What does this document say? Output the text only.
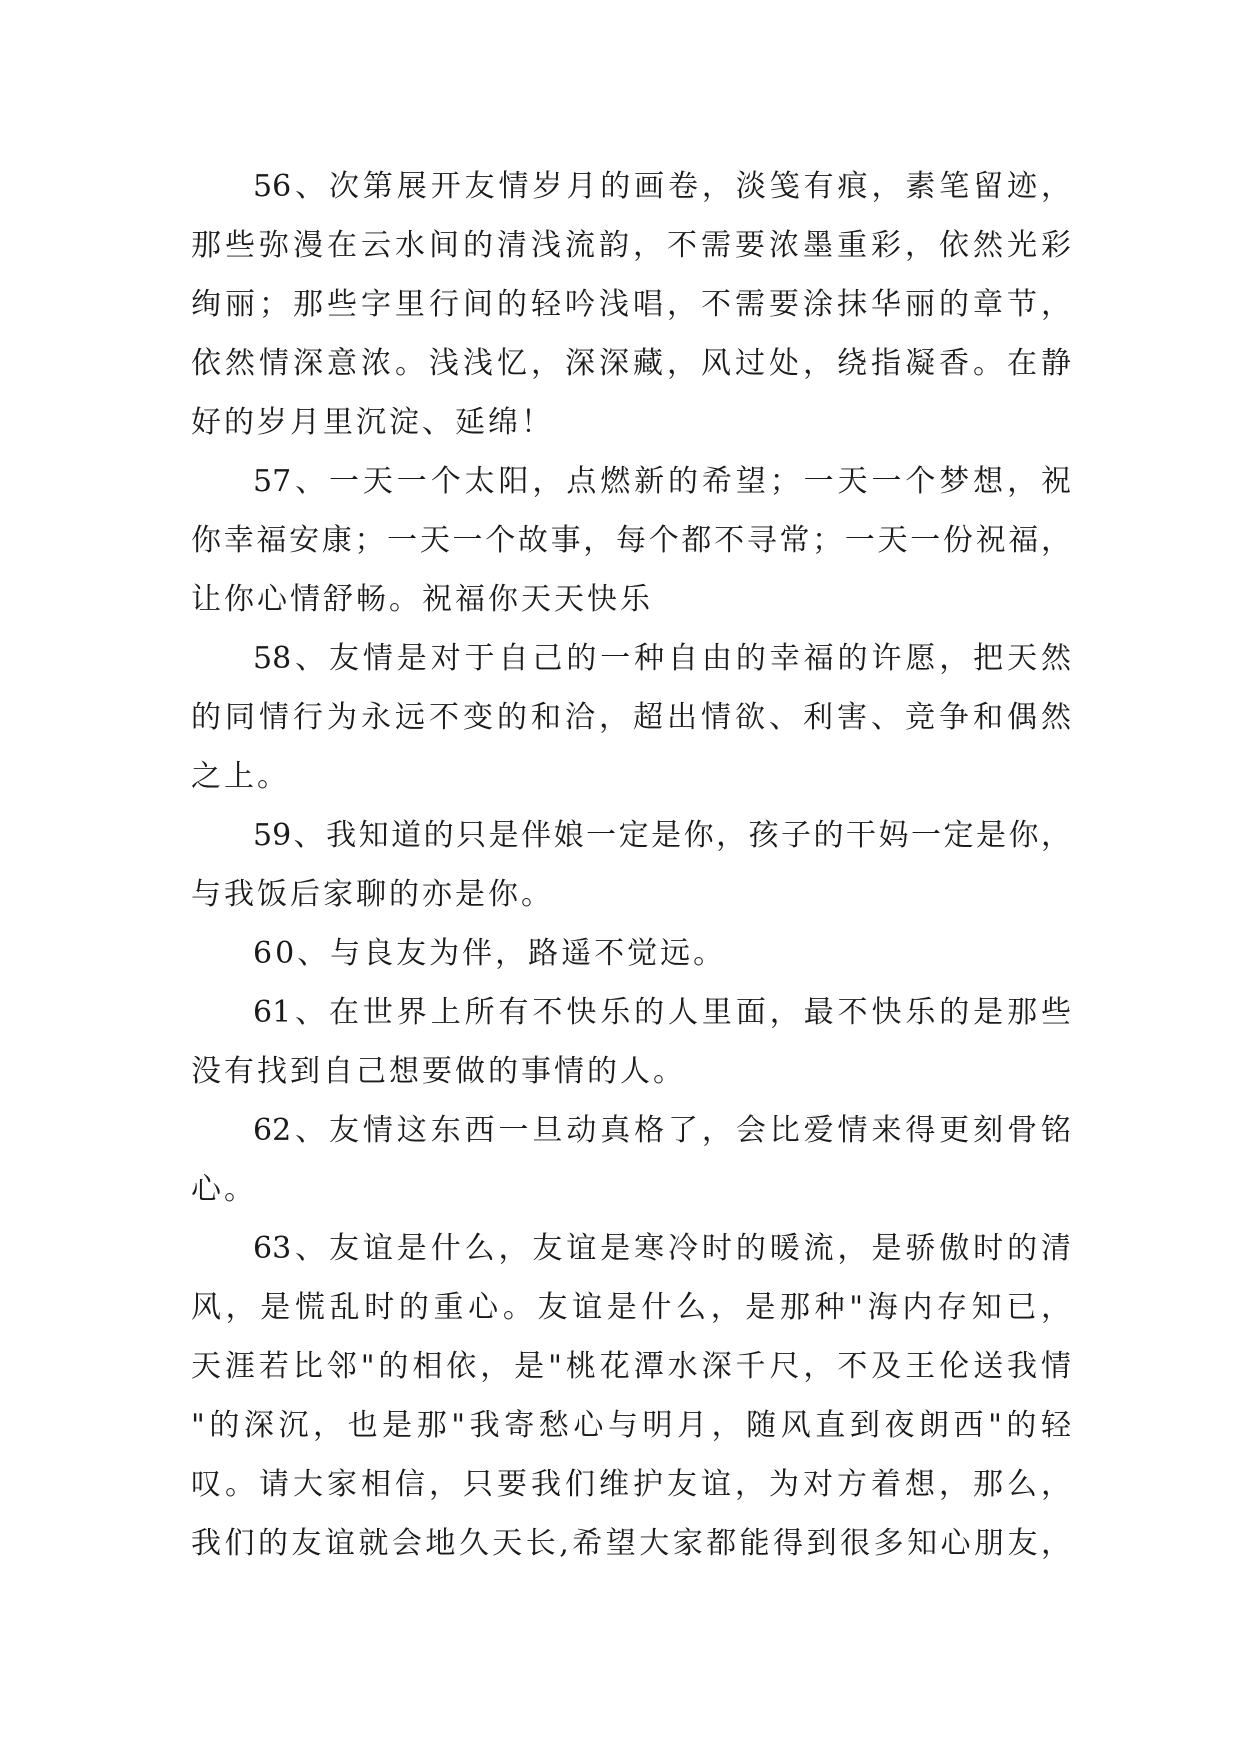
56、次第展开友情岁月的画卷，淡笺有痕，素笔留迹，
那些弥漫在云水间的清浅流韵，不需要浓墨重彩，依然光彩
绚丽；那些字里行间的轻吟浅唱，不需要涂抹华丽的章节，
依然情深意浓。浅浅忆，深深藏，风过处，绕指凝香。在静
好的岁月里沉淀、延绵！
57、一天一个太阳，点燃新的希望；一天一个梦想，祝
你幸福安康；一天一个故事，每个都不寻常；一天一份祝福，
让你心情舒畅。祝福你天天快乐
58、友情是对于自己的一种自由的幸福的许愿，把天然
的同情行为永远不变的和洽，超出情欲、利害、竞争和偶然
之上。
59、我知道的只是伴娘一定是你，孩子的干妈一定是你，
与我饭后家聊的亦是你。
60、与良友为伴，路遥不觉远。
61、在世界上所有不快乐的人里面，最不快乐的是那些
没有找到自己想要做的事情的人。
62、友情这东西一旦动真格了，会比爱情来得更刻骨铭
心。
63、友谊是什么，友谊是寒冷时的暖流，是骄傲时的清
风，是慌乱时的重心。友谊是什么，是那种"海内存知已，
天涯若比邻"的相依，是"桃花潭水深千尺，不及王伦送我情
"的深沉，也是那"我寄愁心与明月，随风直到夜朗西"的轻
叹。请大家相信，只要我们维护友谊，为对方着想，那么，
我们的友谊就会地久天长,希望大家都能得到很多知心朋友，
